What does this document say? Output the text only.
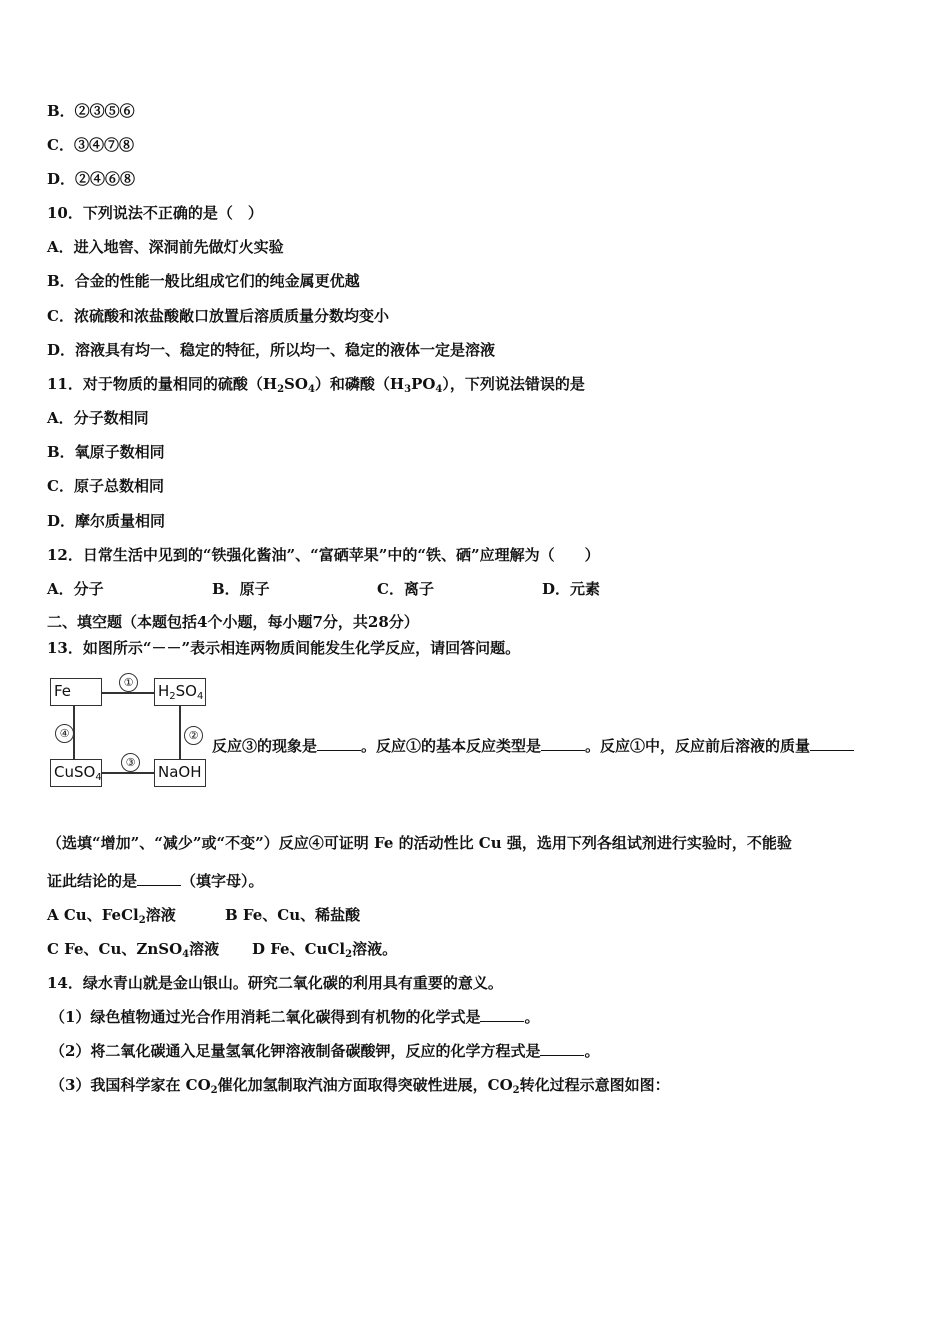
B．②③⑤⑥
C．③④⑦⑧
D．②④⑥⑧
10．下列说法不正确的是（　）
A．进入地窖、深洞前先做灯火实验
B．合金的性能一般比组成它们的纯金属更优越
C．浓硫酸和浓盐酸敞口放置后溶质质量分数均变小
D．溶液具有均一、稳定的特征，所以均一、稳定的液体一定是溶液
11．对于物质的量相同的硫酸$(H_2SO_4)$和磷酸$(H_3PO_4)$，下列说法错误的是
A．分子数相同
B．氧原子数相同
C．原子总数相同
D．摩尔质量相同
12．日常生活中见到的“铁强化酱油”、“富硒苹果”中的“铁、硒”应理解为（　　）
A．分子	B．原子	C．离子	D．元素
二、填空题（本题包括4个小题，每小题7分，共28分）
13．如图所示“－－”表示相连两物质间能发生化学反应，请回答问题。
Fe	$H_2SO_4$
CuSO$_4$	NaOH
①
④	②
③
反应③的现象是	。反应①的基本反应类型是	。反应①中，反应前后溶液的质量
（选填“增加”、“减少”或“不变”）反应④可证明 Fe 的活动性比 Cu 强，选用下列各组试剂进行实验时，不能验
证此结论的是	（填字母）。
A Cu、FeCl$_2$溶液	B Fe、Cu、稀盐酸
C Fe、Cu、ZnSO$_4$溶液 D Fe、CuCl$_2$溶液。
14．绿水青山就是金山银山。研究二氧化碳的利用具有重要的意义。
（1）绿色植物通过光合作用消耗二氧化碳得到有机物的化学式是	。
（2）将二氧化碳通入足量氢氧化钾溶液制备碳酸钾，反应的化学方程式是	。
（3）我国科学家在 $CO_2$催化加氢制取汽油方面取得突破性进展，$CO_2$转化过程示意图如图：
